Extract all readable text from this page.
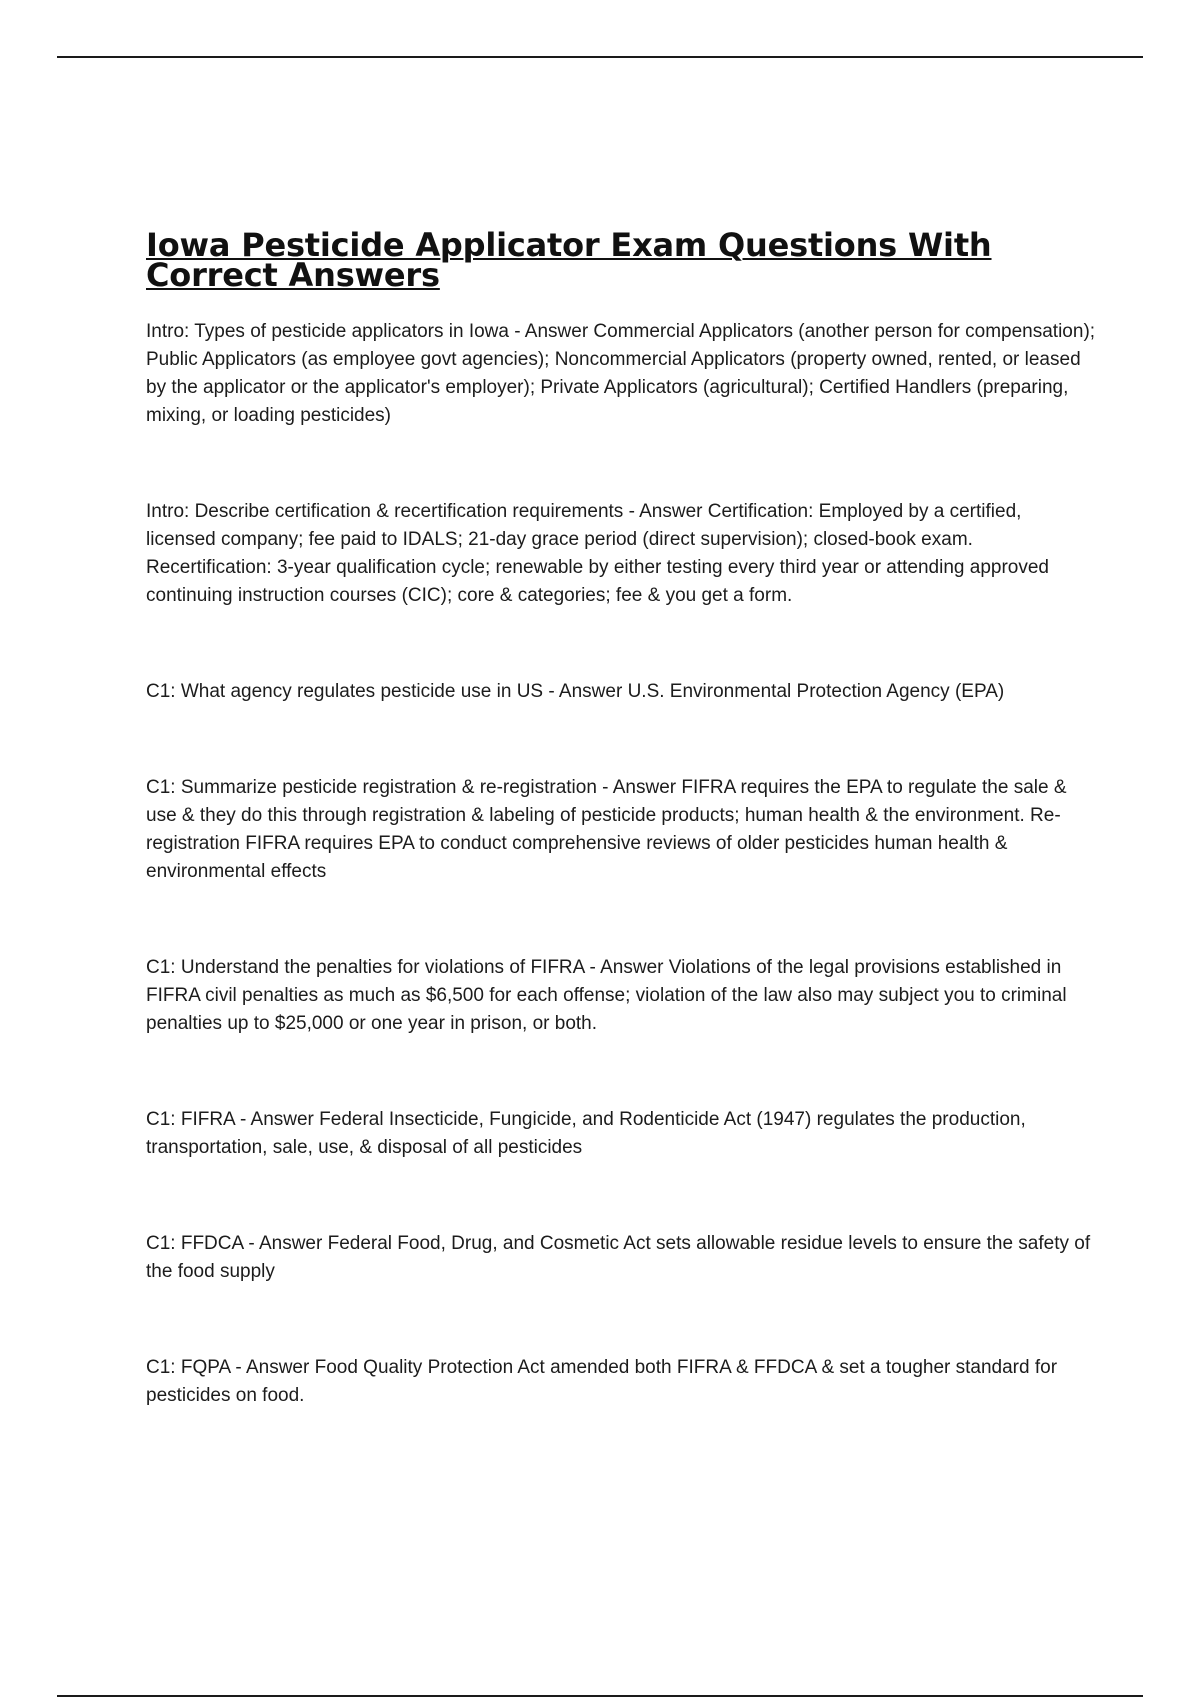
Iowa Pesticide Applicator Exam Questions With Correct Answers

Intro: Types of pesticide applicators in Iowa - Answer Commercial Applicators (another person for compensation); Public Applicators (as employee govt agencies); Noncommercial Applicators (property owned, rented, or leased by the applicator or the applicator's employer); Private Applicators (agricultural); Certified Handlers (preparing, mixing, or loading pesticides)

Intro: Describe certification & recertification requirements - Answer Certification: Employed by a certified, licensed company; fee paid to IDALS; 21-day grace period (direct supervision); closed-book exam. Recertification: 3-year qualification cycle; renewable by either testing every third year or attending approved continuing instruction courses (CIC); core & categories; fee & you get a form.

C1: What agency regulates pesticide use in US - Answer U.S. Environmental Protection Agency (EPA)

C1: Summarize pesticide registration & re-registration - Answer FIFRA requires the EPA to regulate the sale & use & they do this through registration & labeling of pesticide products; human health & the environment. Re-registration FIFRA requires EPA to conduct comprehensive reviews of older pesticides human health & environmental effects

C1: Understand the penalties for violations of FIFRA - Answer Violations of the legal provisions established in FIFRA civil penalties as much as $6,500 for each offense; violation of the law also may subject you to criminal penalties up to $25,000 or one year in prison, or both.

C1: FIFRA - Answer Federal Insecticide, Fungicide, and Rodenticide Act (1947) regulates the production, transportation, sale, use, & disposal of all pesticides

C1: FFDCA - Answer Federal Food, Drug, and Cosmetic Act sets allowable residue levels to ensure the safety of the food supply

C1: FQPA - Answer Food Quality Protection Act amended both FIFRA & FFDCA & set a tougher standard for pesticides on food.
